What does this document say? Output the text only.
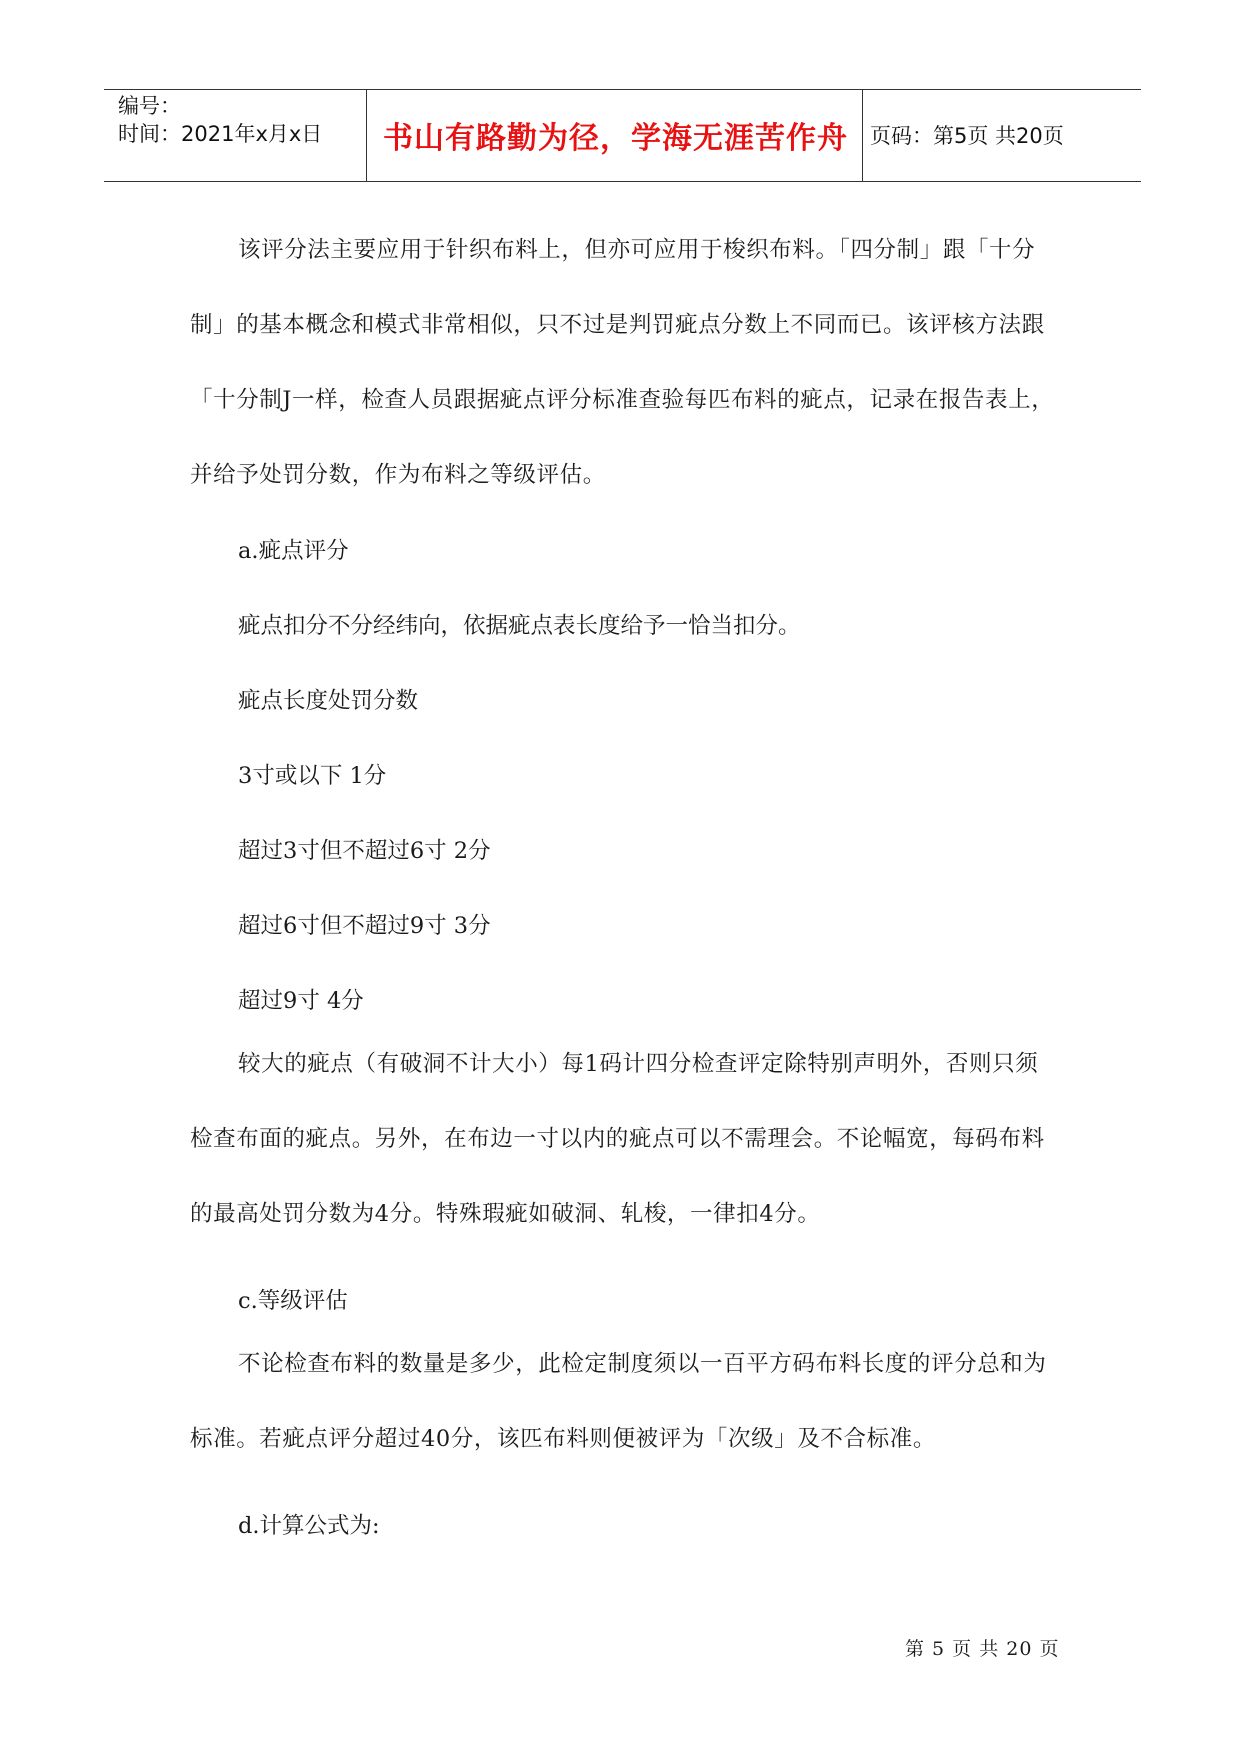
编号：
时间：2021年x月x日	书山有路勤为径，学海无涯苦作舟	页码：第5页 共20页

该评分法主要应用于针织布料上，但亦可应用于梭织布料。「四分制」跟「十分制」的基本概念和模式非常相似，只不过是判罚疵点分数上不同而已。该评核方法跟「十分制J一样，检查人员跟据疵点评分标准查验每匹布料的疵点，记录在报告表上，并给予处罚分数，作为布料之等级评估。

a.疵点评分

疵点扣分不分经纬向，依据疵点表长度给予一恰当扣分。

疵点长度处罚分数

3寸或以下 1分

超过3寸但不超过6寸 2分

超过6寸但不超过9寸 3分

超过9寸 4分

较大的疵点（有破洞不计大小）每1码计四分检查评定除特别声明外，否则只须检查布面的疵点。另外，在布边一寸以内的疵点可以不需理会。不论幅宽，每码布料的最高处罚分数为4分。特殊瑕疵如破洞、轧梭，一律扣4分。

c.等级评估

不论检查布料的数量是多少，此检定制度须以一百平方码布料长度的评分总和为标准。若疵点评分超过40分，该匹布料则便被评为「次级」及不合标准。

d.计算公式为:

第 5 页 共 20 页
